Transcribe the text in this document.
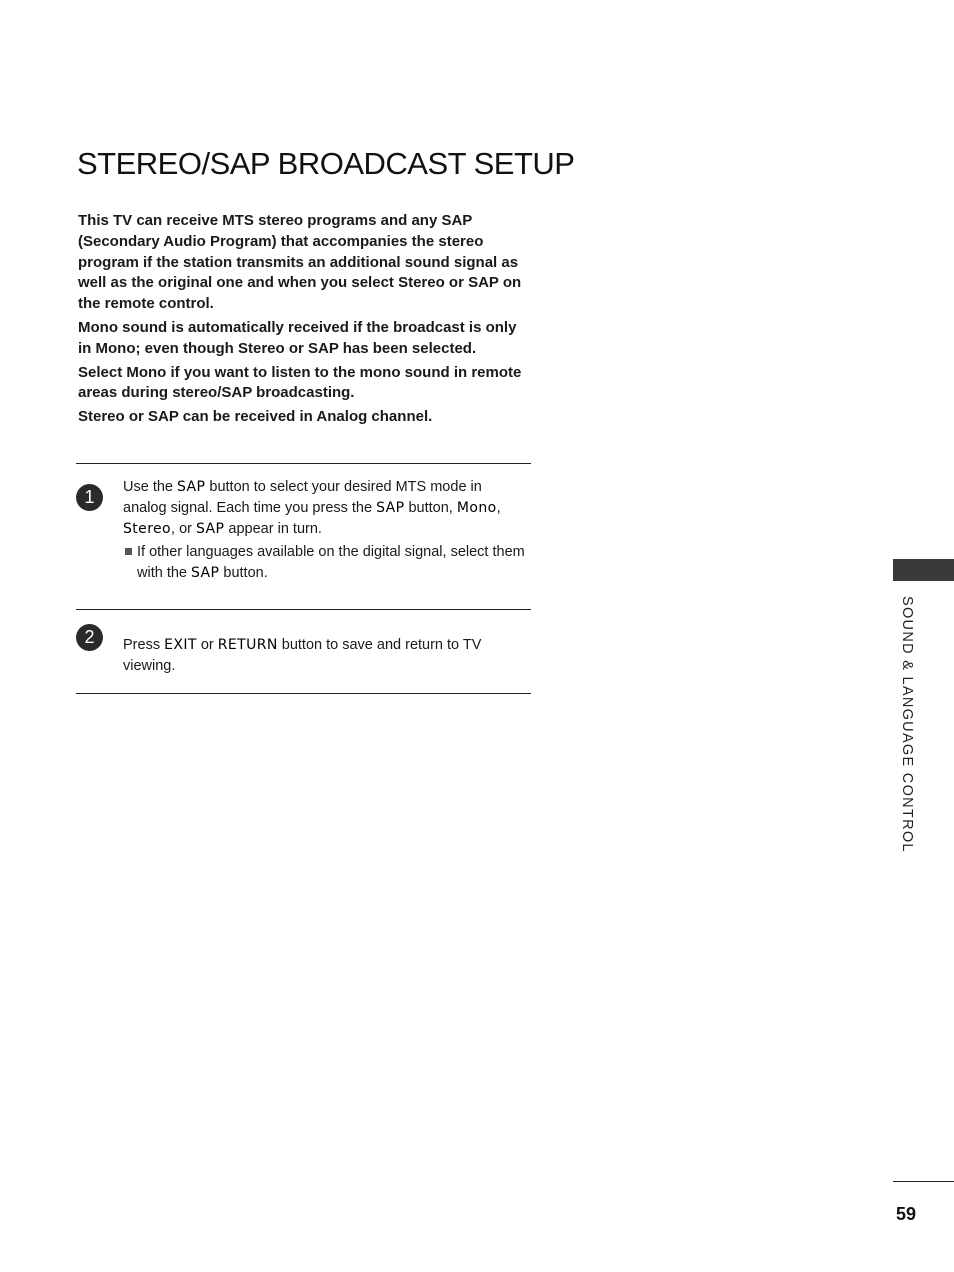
STEREO/SAP BROADCAST SETUP

This TV can receive MTS stereo programs and any SAP (Secondary Audio Program) that accompanies the stereo program if the station transmits an additional sound signal as well as the original one and when you select Stereo or SAP on the remote control.

Mono sound is automatically received if the broadcast is only in Mono; even though Stereo or SAP has been selected.

Select Mono if you want to listen to the mono sound in remote areas during stereo/SAP broadcasting.

Stereo or SAP can be received in Analog channel.

1	Use the SAP button to select your desired MTS mode in analog signal. Each time you press the SAP button, Mono, Stereo, or SAP appear in turn.

If other languages available on the digital signal, select them with the SAP button.

2	Press EXIT or RETURN button to save and return to TV viewing.	SOUND & LANGUAGE CONTROL
59
